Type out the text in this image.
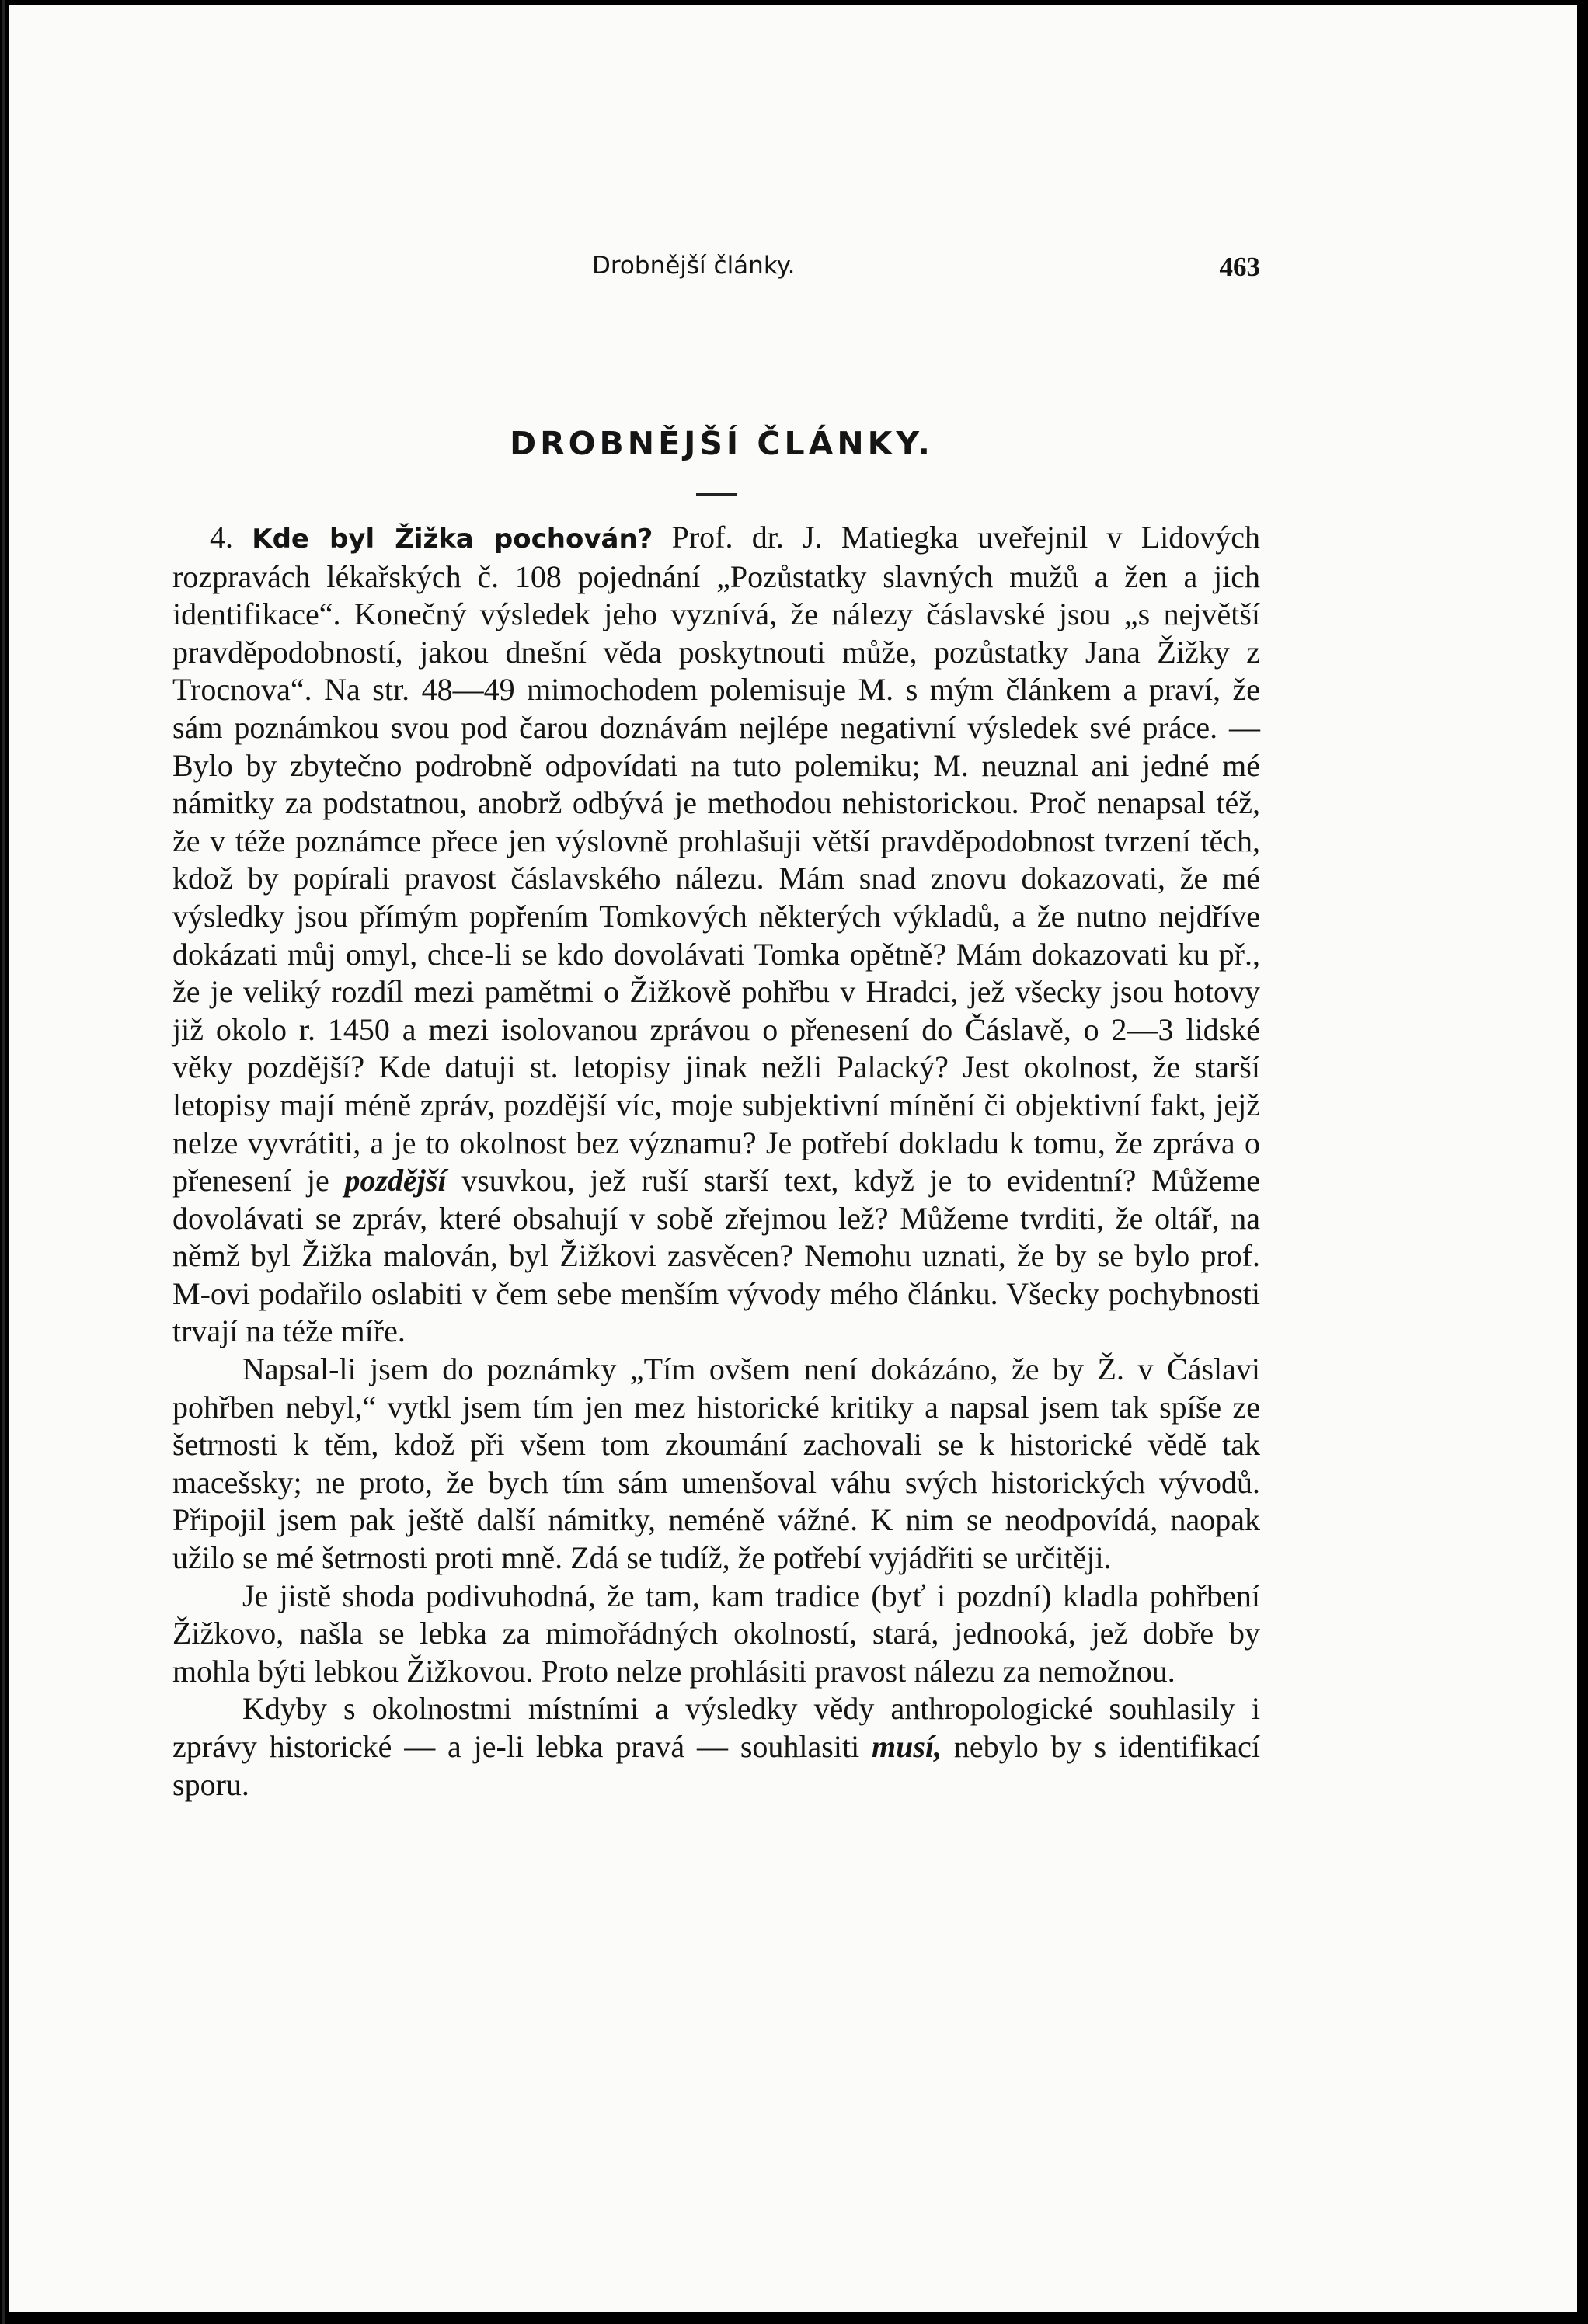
Drobnější články.	463
DROBNĚJŠÍ ČLÁNKY.

4. Kde byl Žižka pochován? Prof. dr. J. Matiegka uveřejnil v Lidových rozpravách lékařských č. 108 pojednání „Pozůstatky slavných mužů a žen a jich identifikace“. Konečný výsledek jeho vyznívá, že nálezy čáslavské jsou „s největší pravděpodobností, jakou dnešní věda poskytnouti může, pozůstatky Jana Žižky z Trocnova“. Na str. 48—49 mimochodem polemisuje M. s mým článkem a praví, že sám poznámkou svou pod čarou doznávám nejlépe negativní výsledek své práce. — Bylo by zbytečno podrobně odpovídati na tuto polemiku; M. neuznal ani jedné mé námitky za podstatnou, anobrž odbývá je methodou nehistorickou. Proč nenapsal též, že v téže poznámce přece jen výslovně prohlašuji větší pravděpodobnost tvrzení těch, kdož by popírali pravost čáslavského nálezu. Mám snad znovu dokazovati, že mé výsledky jsou přímým popřením Tomkových některých výkladů, a že nutno nejdříve dokázati můj omyl, chce-li se kdo dovolávati Tomka opětně? Mám dokazovati ku př., že je veliký rozdíl mezi pamětmi o Žižkově pohřbu v Hradci, jež všecky jsou hotovy již okolo r. 1450 a mezi isolovanou zprávou o přenesení do Čáslavě, o 2—3 lidské věky pozdější? Kde datuji st. letopisy jinak nežli Palacký? Jest okolnost, že starší letopisy mají méně zpráv, pozdější víc, moje subjektivní mínění či objektivní fakt, jejž nelze vyvrátiti, a je to okolnost bez významu? Je potřebí dokladu k tomu, že zpráva o přenesení je pozdější vsuvkou, jež ruší starší text, když je to evidentní? Můžeme dovolávati se zpráv, které obsahují v sobě zřejmou lež? Můžeme tvrditi, že oltář, na němž byl Žižka malován, byl Žižkovi zasvěcen? Nemohu uznati, že by se bylo prof. M-ovi podařilo oslabiti v čem sebe menším vývody mého článku. Všecky pochybnosti trvají na téže míře.

Napsal-li jsem do poznámky „Tím ovšem není dokázáno, že by Ž. v Čáslavi pohřben nebyl,“ vytkl jsem tím jen mez historické kritiky a napsal jsem tak spíše ze šetrnosti k těm, kdož při všem tom zkoumání zachovali se k historické vědě tak macešsky; ne proto, že bych tím sám umenšoval váhu svých historických vývodů. Připojil jsem pak ještě další námitky, neméně vážné. K nim se neodpovídá, naopak užilo se mé šetrnosti proti mně. Zdá se tudíž, že potřebí vyjádřiti se určitěji.

Je jistě shoda podivuhodná, že tam, kam tradice (byť i pozdní) kladla pohřbení Žižkovo, našla se lebka za mimořádných okolností, stará, jednooká, jež dobře by mohla býti lebkou Žižkovou. Proto nelze prohlásiti pravost nálezu za nemožnou.

Kdyby s okolnostmi místními a výsledky vědy anthropologické souhlasily i zprávy historické — a je-li lebka pravá — souhlasiti musí, nebylo by s identifikací sporu.
